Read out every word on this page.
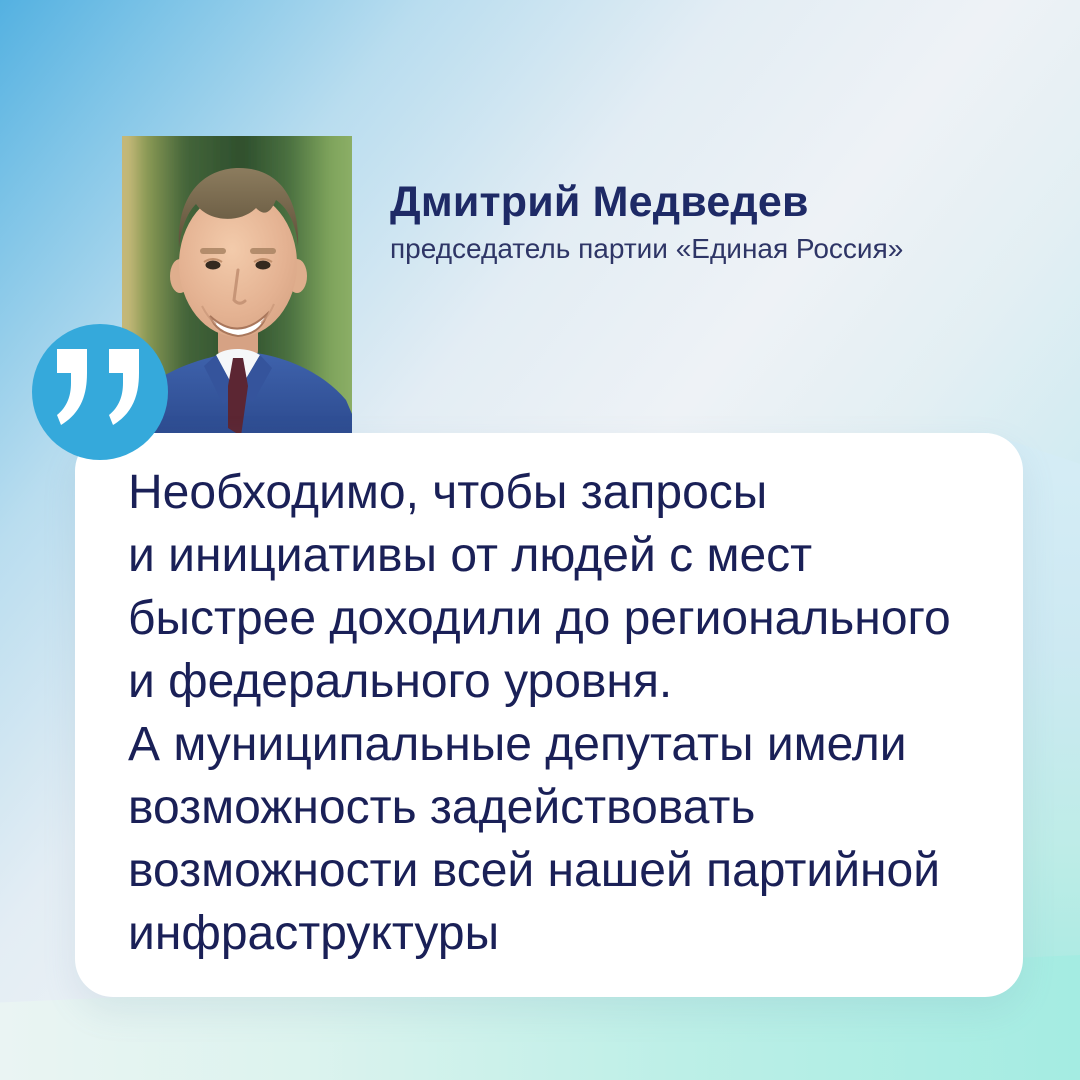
Дмитрий Медведев
председатель партии «Единая Россия»
Необходимо, чтобы запросы
и инициативы от людей с мест
быстрее доходили до регионального
и федерального уровня.
А муниципальные депутаты имели
возможность задействовать
возможности всей нашей партийной
инфраструктуры
